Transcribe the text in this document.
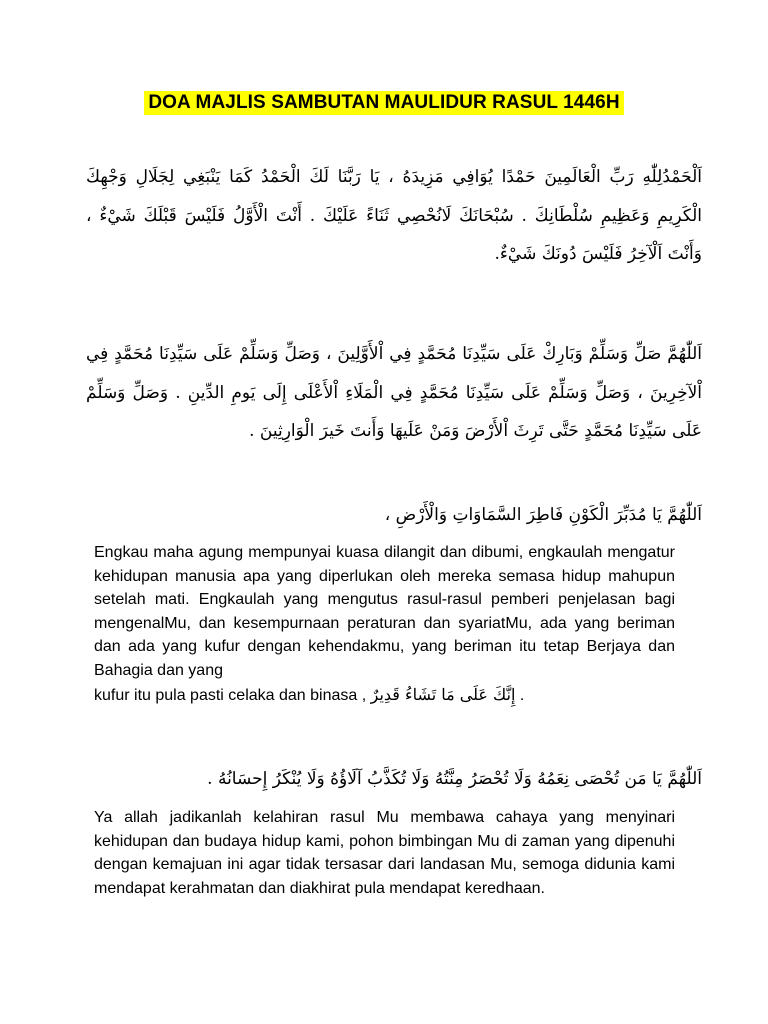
DOA MAJLIS SAMBUTAN MAULIDUR RASUL 1446H

اَلْحَمْدُلِلّٰهِ رَبِّ الْعَالَمِينَ حَمْدًا يُوَافِي مَزِيدَهُ ، يَا رَبَّنَا لَكَ الْحَمْدُ كَمَا يَنْبَغِي لِجَلَالِ وَجْهِكَ الْكَرِيمِ وَعَظِيمِ سُلْطَانِكَ . سُبْحَانَكَ لَانُحْصِي ثَنَاءً عَلَيْكَ . أَنْتَ الْأَوَّلُ فَلَيْسَ قَبْلَكَ شَيْءٌ ، وَأَنْتَ اَلْآخِرُ فَلَيْسَ دُونَكَ شَيْءٌ.

اَللّٰهُمَّ صَلِّ وَسَلِّمْ وَبَارِكْ عَلَى سَيِّدِنَا مُحَمَّدٍ فِي اْلأَوَّلِينَ ، وَصَلِّ وَسَلِّمْ عَلَى سَيِّدِنَا مُحَمَّدٍ فِي اْلآخِرِينَ ، وَصَلِّ وَسَلِّمْ عَلَى سَيِّدِنَا مُحَمَّدٍ فِي الْمَلَاءِ اْلأَعْلَى إِلَى يَومِ الدِّينِ . وَصَلِّ وَسَلِّمْ عَلَى سَيِّدِنَا مُحَمَّدٍ حَتَّى تَرِثَ اْلأَرْضَ وَمَنْ عَلَيهَا وَأَنتَ خَيرَ الْوَارِثِينَ .

اَللّٰهُمَّ يَا مُدَبِّرَ الْكَوْنِ فَاطِرَ السَّمَاوَاتِ وَالْأَرْضِ ،

Engkau maha agung mempunyai kuasa dilangit dan dibumi, engkaulah mengatur kehidupan manusia apa yang diperlukan oleh mereka semasa hidup mahupun setelah mati. Engkaulah yang mengutus rasul-rasul pemberi penjelasan bagi mengenalMu, dan kesempurnaan peraturan dan syariatMu, ada yang beriman dan ada yang kufur dengan kehendakmu, yang beriman itu tetap Berjaya dan Bahagia dan yang
kufur itu pula pasti celaka dan binasa , إِنَّكَ عَلَى مَا تَشَاءُ قَدِيرٌ .

اَللّٰهُمَّ يَا مَن تُحْصَى نِعَمُهُ وَلَا تُحْصَرُ مِنَّتُهُ وَلَا تُكَذَّبُ آلَاؤُهُ وَلَا يُنْكَرُ إِحسَانُهُ .

Ya allah jadikanlah kelahiran rasul Mu membawa cahaya yang menyinari kehidupan dan budaya hidup kami, pohon bimbingan Mu di zaman yang dipenuhi dengan kemajuan ini agar tidak tersasar dari landasan Mu, semoga didunia kami mendapat kerahmatan dan diakhirat pula mendapat keredhaan.
